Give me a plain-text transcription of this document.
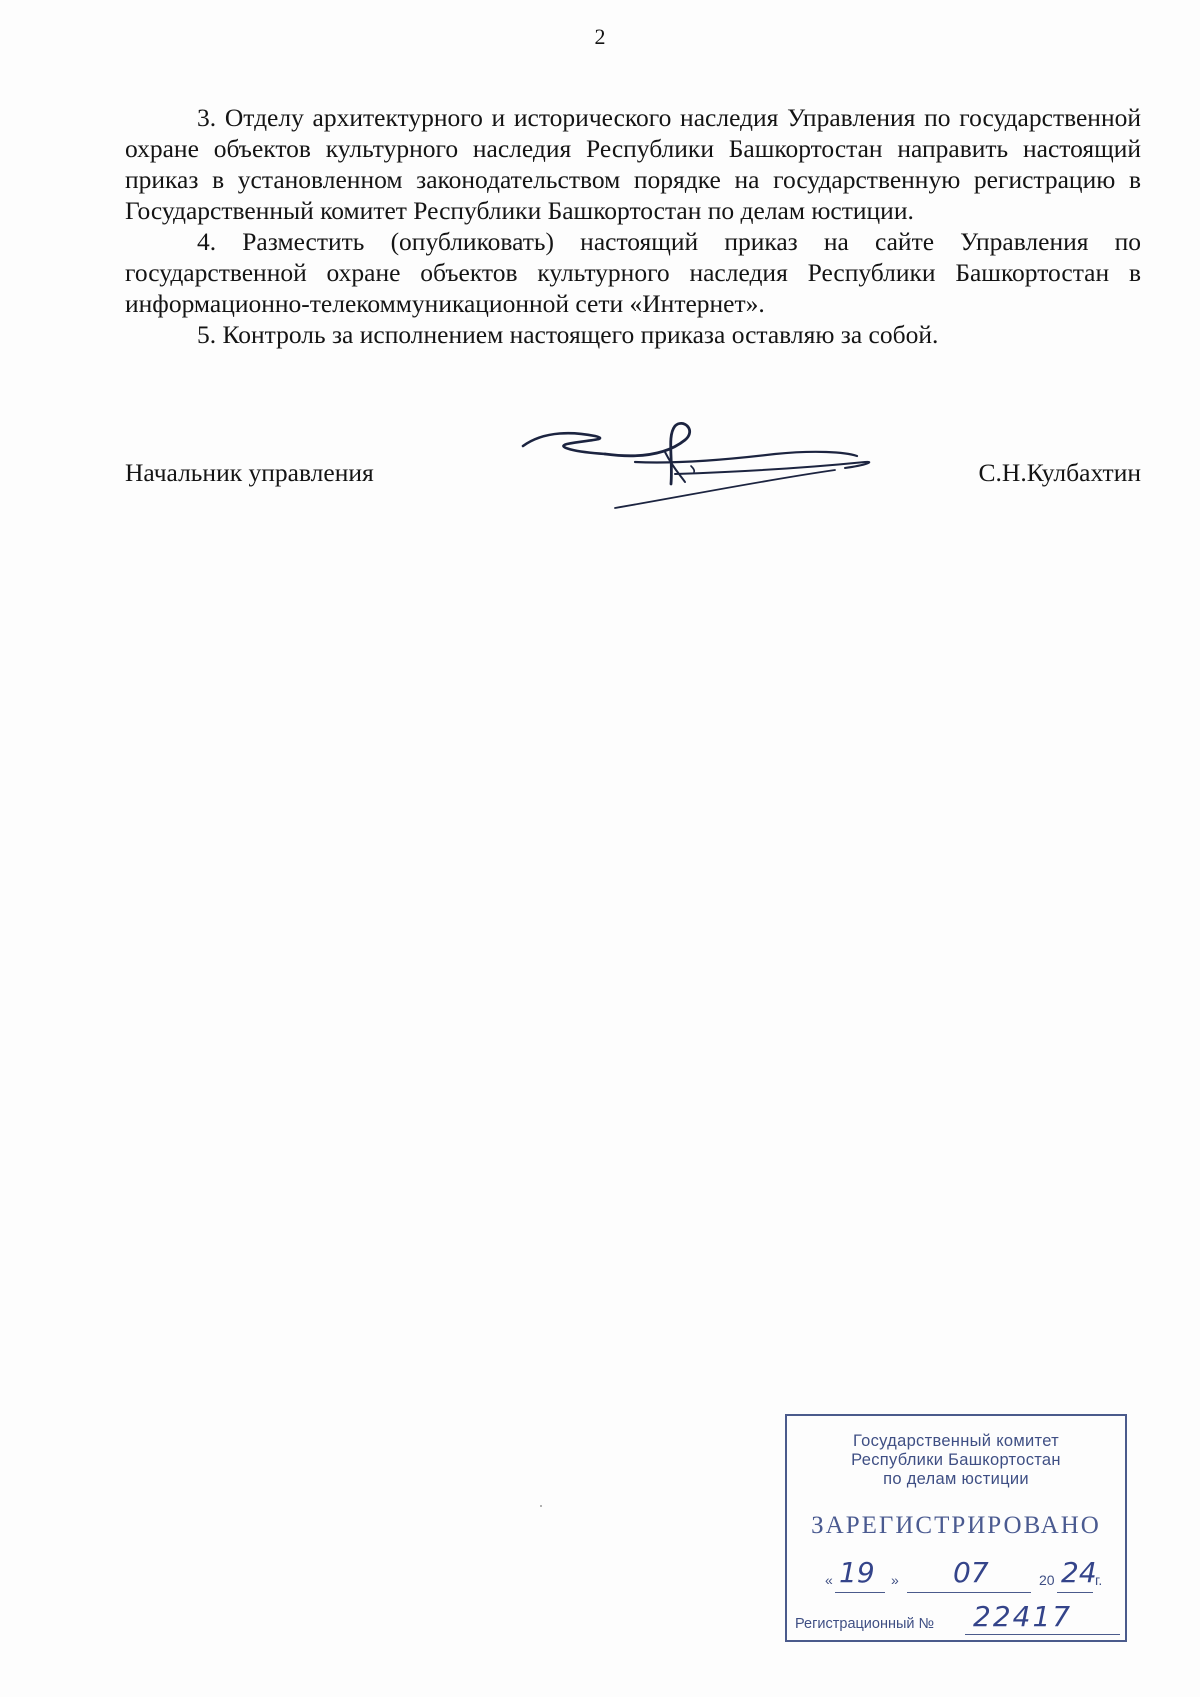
2

3. Отделу архитектурного и исторического наследия Управления по государственной охране объектов культурного наследия Республики Башкортостан направить настоящий приказ в установленном законодательством порядке на государственную регистрацию в Государственный комитет Республики Башкортостан по делам юстиции.

4. Разместить (опубликовать) настоящий приказ на сайте Управления по государственной охране объектов культурного наследия Республики Башкортостан в информационно-телекоммуникационной сети «Интернет».

5. Контроль за исполнением настоящего приказа оставляю за собой.

Начальник управления	С.Н.Кулбахтин
Государственный комитет
Республики Башкортостан
по делам юстиции
ЗАРЕГИСТРИРОВАНО
« 19 » 07	20 24
г.
Регистрационный № 22417
